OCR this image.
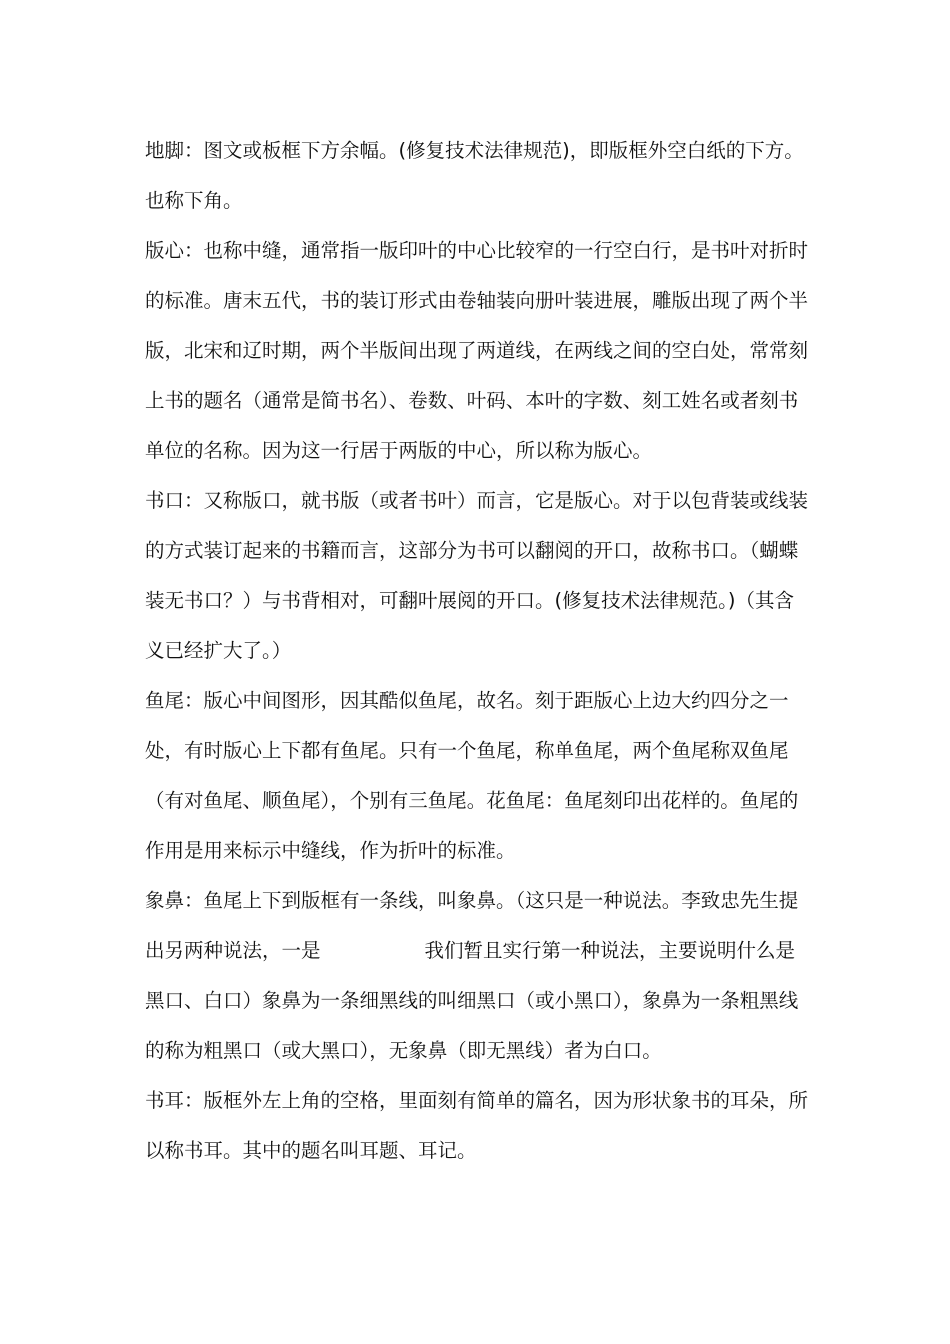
地脚：图文或板框下方余幅。(修复技术法律规范)，即版框外空白纸的下方。也称下角。

版心：也称中缝，通常指一版印叶的中心比较窄的一行空白行，是书叶对折时的标准。唐末五代，书的装订形式由卷轴装向册叶装进展，雕版出现了两个半版，北宋和辽时期，两个半版间出现了两道线，在两线之间的空白处，常常刻上书的题名（通常是简书名）、卷数、叶码、本叶的字数、刻工姓名或者刻书单位的名称。因为这一行居于两版的中心，所以称为版心。

书口：又称版口，就书版（或者书叶）而言，它是版心。对于以包背装或线装的方式装订起来的书籍而言，这部分为书可以翻阅的开口，故称书口。（蝴蝶装无书口？）与书背相对，可翻叶展阅的开口。(修复技术法律规范。)（其含义已经扩大了。）

鱼尾：版心中间图形，因其酷似鱼尾，故名。刻于距版心上边大约四分之一处，有时版心上下都有鱼尾。只有一个鱼尾，称单鱼尾，两个鱼尾称双鱼尾（有对鱼尾、顺鱼尾），个别有三鱼尾。花鱼尾：鱼尾刻印出花样的。鱼尾的作用是用来标示中缝线，作为折叶的标准。

象鼻：鱼尾上下到版框有一条线，叫象鼻。（这只是一种说法。李致忠先生提出另两种说法，一是	我们暂且实行第一种说法，主要说明什么是黑口、白口）象鼻为一条细黑线的叫细黑口（或小黑口），象鼻为一条粗黑线的称为粗黑口（或大黑口），无象鼻（即无黑线）者为白口。

书耳：版框外左上角的空格，里面刻有简单的篇名，因为形状象书的耳朵，所以称书耳。其中的题名叫耳题、耳记。
